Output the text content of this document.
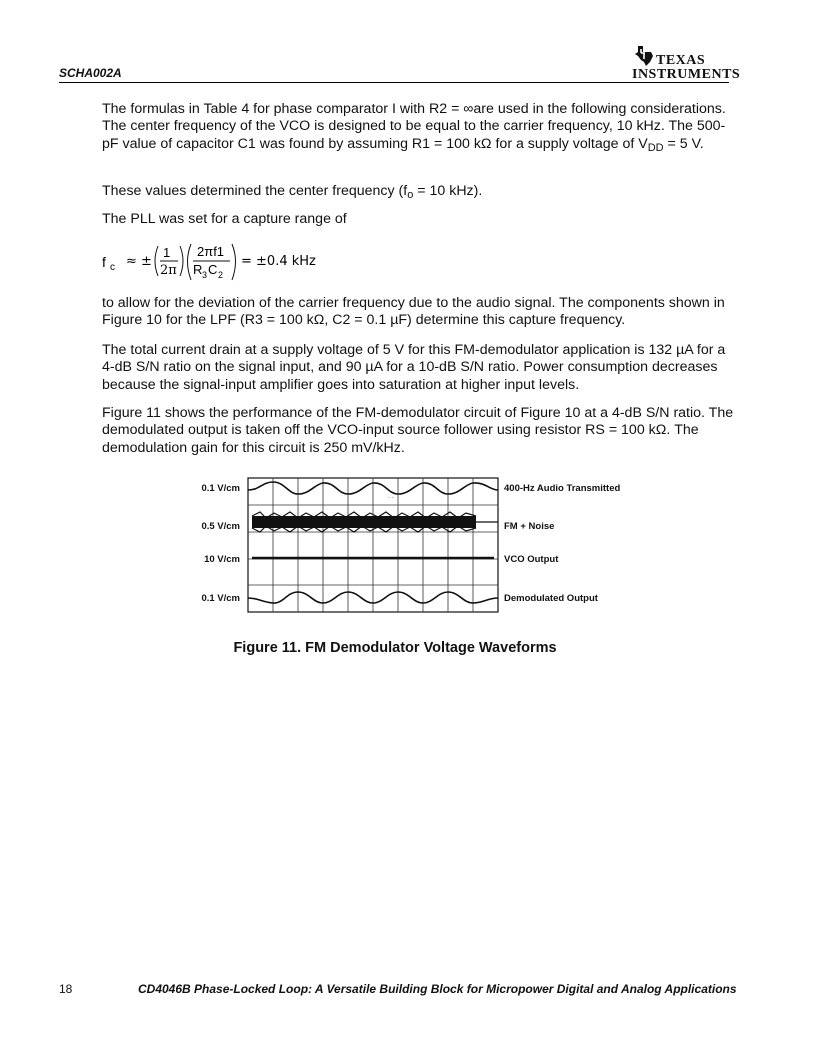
SCHA002A
TEXAS
INSTRUMENTS

The formulas in Table 4 for phase comparator I with R2 = ∞are used in the following considerations. The center frequency of the VCO is designed to be equal to the carrier frequency, 10 kHz. The 500-pF value of capacitor C1 was found by assuming R1 = 100 kΩ for a supply voltage of $V_{DD} = 5$ V.

These values determined the center frequency ($f_o = 10$ kHz).

The PLL was set for a capture range of
f c ≈ ±
1
2π
2πf1
R 3 C 2
= ±0.4 kHz
to allow for the deviation of the carrier frequency due to the audio signal. The components shown in Figure 10 for the LPF (R3 = 100 kΩ, C2 = 0.1 µF) determine this capture frequency.
The total current drain at a supply voltage of 5 V for this FM-demodulator application is 132 µA for a 4-dB S/N ratio on the signal input, and 90 µA for a 10-dB S/N ratio. Power consumption decreases because the signal-input amplifier goes into saturation at higher input levels.
Figure 11 shows the performance of the FM-demodulator circuit of Figure 10 at a 4-dB S/N ratio. The demodulated output is taken off the VCO-input source follower using resistor RS = 100 kΩ. The demodulation gain for this circuit is 250 mV/kHz.
. .
0.1 V/cm
0.5 V/cm
10 V/cm
0.1 V/cm
400-Hz Audio Transmitted
FM + Noise
VCO Output
Demodulated Output
Figure 11. FM Demodulator Voltage Waveforms
18	CD4046B Phase-Locked Loop: A Versatile Building Block for Micropower Digital and Analog Applications
